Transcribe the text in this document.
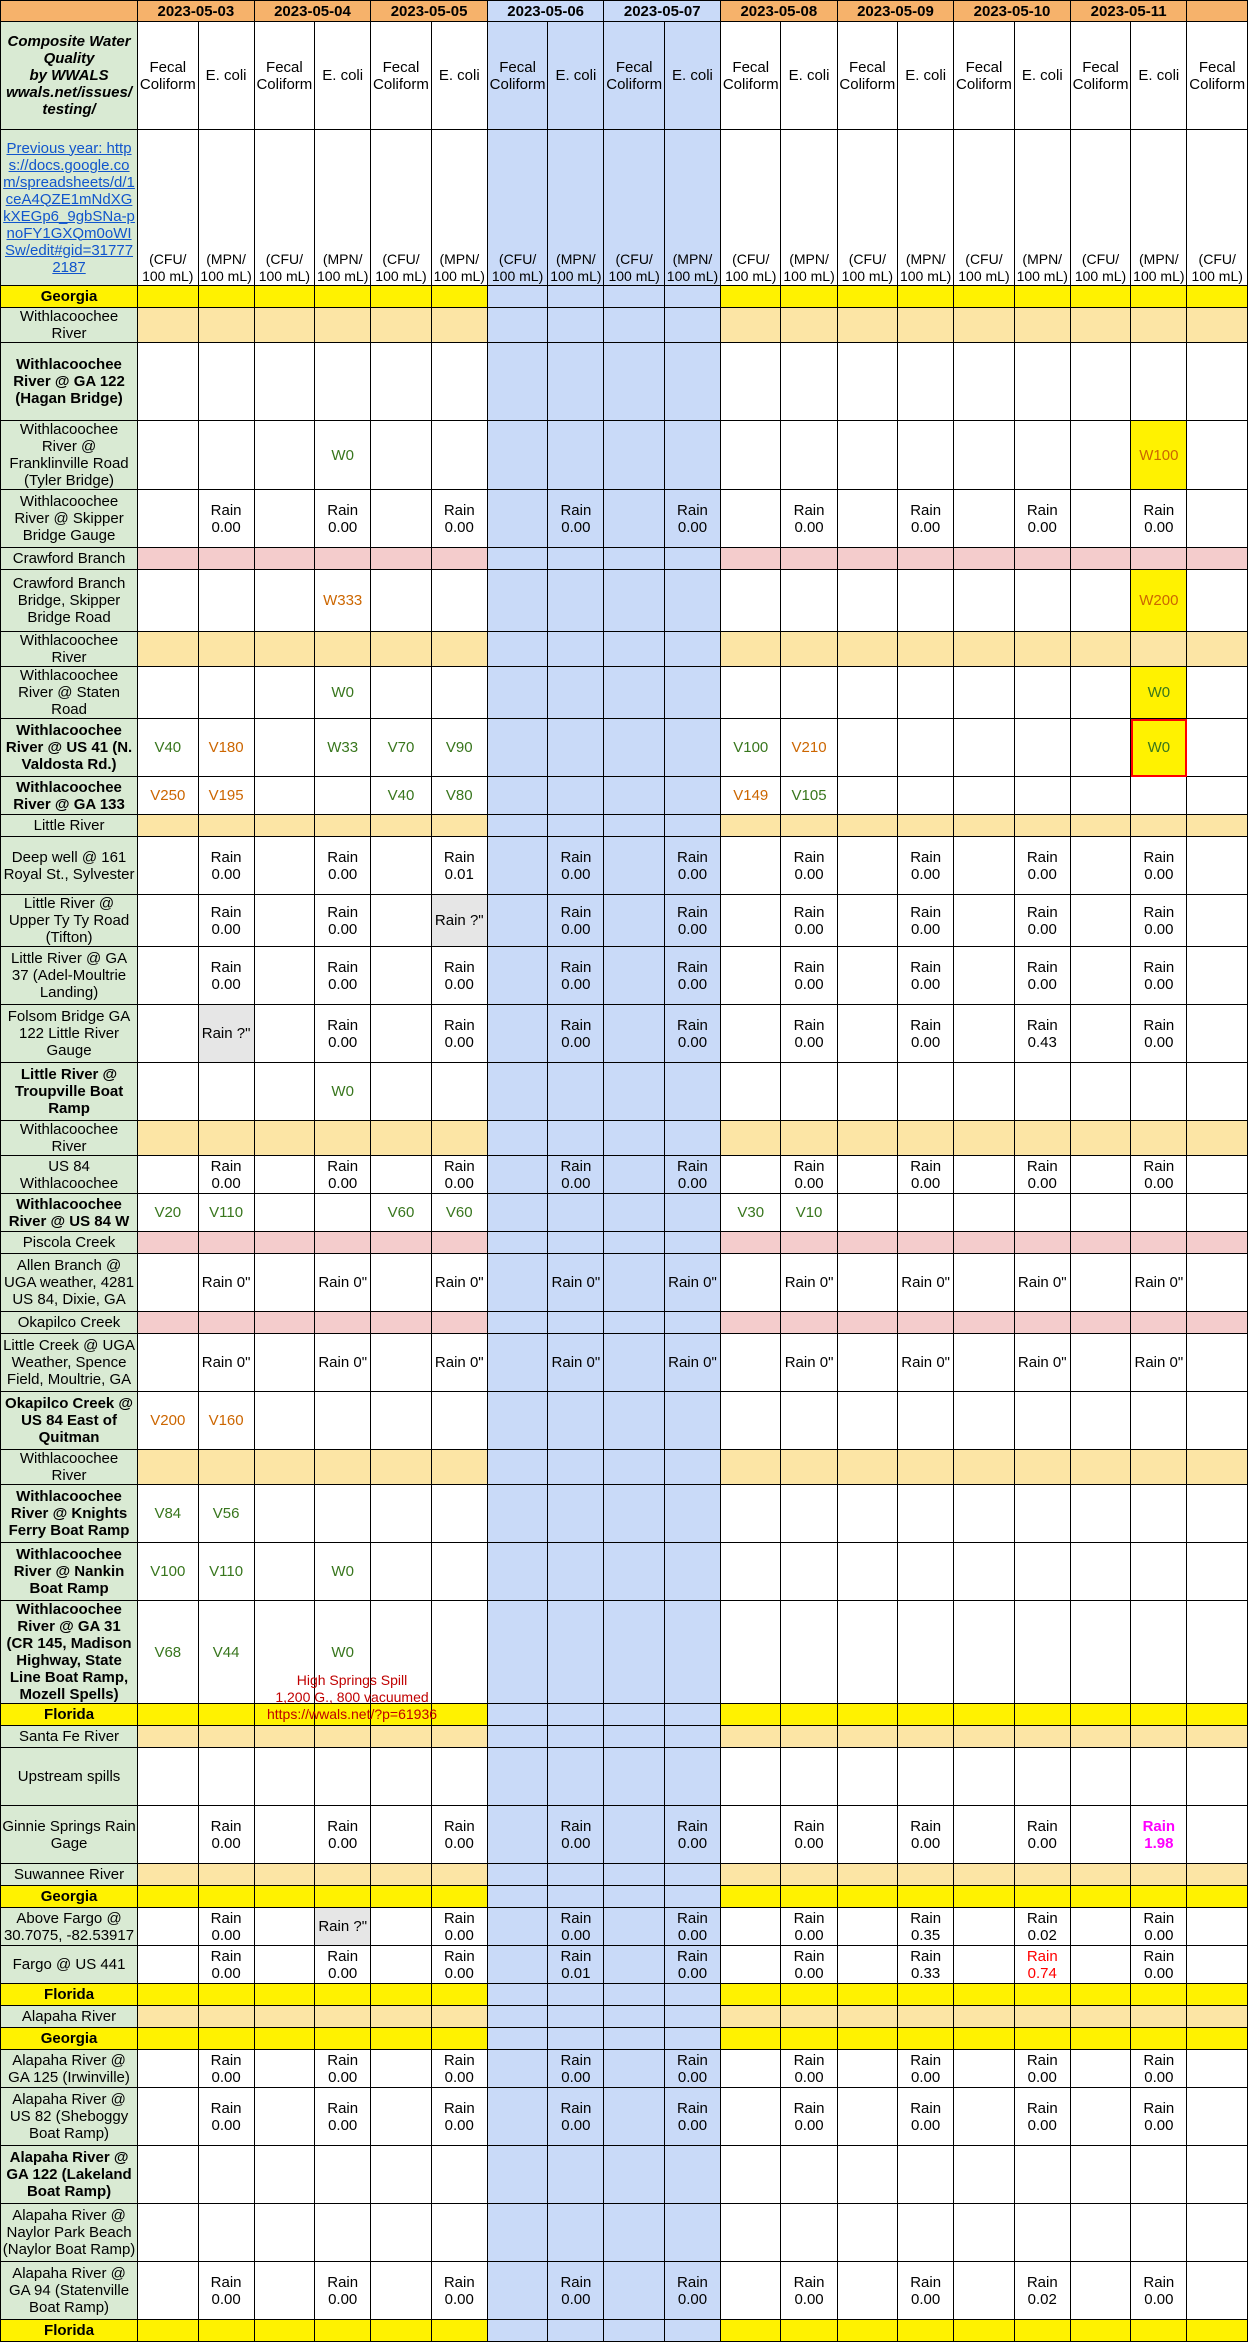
	2023-05-03		2023-05-04		2023-05-05		2023-05-06		2023-05-07		2023-05-08		2023-05-09		2023-05-10		2023-05-11		

Composite Water Quality
by WWALS
wwals.net/issues/
testing/	Fecal Coliform	E. coli	Fecal Coliform	E. coli	Fecal Coliform	E. coli	Fecal Coliform	E. coli	Fecal Coliform	E. coli	Fecal Coliform	E. coli	Fecal Coliform	E. coli	Fecal Coliform	E. coli	Fecal Coliform	E. coli	Fecal Coliform
Previous year: https://docs.google.com/spreadsheets/d/1ceA4QZE1mNdXG kXEGp6_9gbSNa-pnoFY1GXQm0oWISw/edit#gid=317772187	(CFU/ 100 mL)	(MPN/ 100 mL)	(CFU/ 100 mL)	(MPN/ 100 mL)	(CFU/ 100 mL)	(MPN/ 100 mL)	(CFU/ 100 mL)	(MPN/ 100 mL)	(CFU/ 100 mL)	(MPN/ 100 mL)	(CFU/ 100 mL)	(MPN/ 100 mL)	(CFU/ 100 mL)	(MPN/ 100 mL)	(CFU/ 100 mL)	(MPN/ 100 mL)	(CFU/ 100 mL)	(MPN/ 100 mL)	(CFU/ 100 mL)
Georgia																			
Withlacoochee River																			
Withlacoochee River @ GA 122 (Hagan Bridge)																			
Withlacoochee River @ Franklinville Road (Tyler Bridge)				W0														W100	
Withlacoochee River @ Skipper Bridge Gauge		Rain 0.00		Rain 0.00		Rain 0.00		Rain 0.00		Rain 0.00		Rain 0.00		Rain 0.00		Rain 0.00		Rain 0.00	
Crawford Branch																			
Crawford Branch Bridge, Skipper Bridge Road				W333														W200	
Withlacoochee River																			
Withlacoochee River @ Staten Road				W0														W0	
Withlacoochee River @ US 41 (N. Valdosta Rd.)	V40	V180		W33	V70	V90					V100	V210						W0	
Withlacoochee River @ GA 133	V250	V195			V40	V80					V149	V105							
Little River																			
Deep well @ 161 Royal St., Sylvester		Rain 0.00		Rain 0.00		Rain 0.01		Rain 0.00		Rain 0.00		Rain 0.00		Rain 0.00		Rain 0.00		Rain 0.00	
Little River @ Upper Ty Ty Road (Tifton)		Rain 0.00		Rain 0.00		Rain ?"		Rain 0.00		Rain 0.00		Rain 0.00		Rain 0.00		Rain 0.00		Rain 0.00	
Little River @ GA 37 (Adel-Moultrie Landing)		Rain 0.00		Rain 0.00		Rain 0.00		Rain 0.00		Rain 0.00		Rain 0.00		Rain 0.00		Rain 0.00		Rain 0.00	
Folsom Bridge GA 122 Little River Gauge		Rain ?"		Rain 0.00		Rain 0.00		Rain 0.00		Rain 0.00		Rain 0.00		Rain 0.00		Rain 0.43		Rain 0.00	
Little River @ Troupville Boat Ramp				W0															
Withlacoochee River																			
US 84 Withlacoochee		Rain 0.00		Rain 0.00		Rain 0.00		Rain 0.00		Rain 0.00		Rain 0.00		Rain 0.00		Rain 0.00		Rain 0.00	
Withlacoochee River @ US 84 W	V20	V110			V60	V60					V30	V10							
Piscola Creek																			
Allen Branch @ UGA weather, 4281 US 84, Dixie, GA		Rain 0"		Rain 0"		Rain 0"		Rain 0"		Rain 0"		Rain 0"		Rain 0"		Rain 0"		Rain 0"	
Okapilco Creek																			
Little Creek @ UGA Weather, Spence Field, Moultrie, GA		Rain 0"		Rain 0"		Rain 0"		Rain 0"		Rain 0"		Rain 0"		Rain 0"		Rain 0"		Rain 0"	
Okapilco Creek @ US 84 East of Quitman	V200	V160																	
Withlacoochee River																			
Withlacoochee River @ Knights Ferry Boat Ramp	V84	V56																	
Withlacoochee River @ Nankin Boat Ramp	V100	V110		W0															
Withlacoochee River @ GA 31 (CR 145, Madison Highway, State Line Boat Ramp, Mozell Spells)	V68	V44		W0															
Florida																			
Santa Fe River																			
Upstream spills																			
Ginnie Springs Rain Gage		Rain 0.00		Rain 0.00		Rain 0.00		Rain 0.00		Rain 0.00		Rain 0.00		Rain 0.00		Rain 0.00		Rain 1.98	
Suwannee River																			
Georgia																			
Above Fargo @ 30.7075, -82.53917		Rain 0.00		Rain ?"		Rain 0.00		Rain 0.00		Rain 0.00		Rain 0.00		Rain 0.35		Rain 0.02		Rain 0.00	
Fargo @ US 441		Rain 0.00		Rain 0.00		Rain 0.00		Rain 0.01		Rain 0.00		Rain 0.00		Rain 0.33		Rain 0.74		Rain 0.00	
Florida																			
Alapaha River																			
Georgia																			
Alapaha River @ GA 125 (Irwinville)		Rain 0.00		Rain 0.00		Rain 0.00		Rain 0.00		Rain 0.00		Rain 0.00		Rain 0.00		Rain 0.00		Rain 0.00	
Alapaha River @ US 82 (Sheboggy Boat Ramp)		Rain 0.00		Rain 0.00		Rain 0.00		Rain 0.00		Rain 0.00		Rain 0.00		Rain 0.00		Rain 0.00		Rain 0.00	
Alapaha River @ GA 122 (Lakeland Boat Ramp)																			
Alapaha River @ Naylor Park Beach (Naylor Boat Ramp)																			
Alapaha River @ GA 94 (Statenville Boat Ramp)		Rain 0.00		Rain 0.00		Rain 0.00		Rain 0.00		Rain 0.00		Rain 0.00		Rain 0.00		Rain 0.02		Rain 0.00	
Florida																			
High Springs Spill
1,200 G., 800 vacuumed
https://wwals.net/?p=61936
